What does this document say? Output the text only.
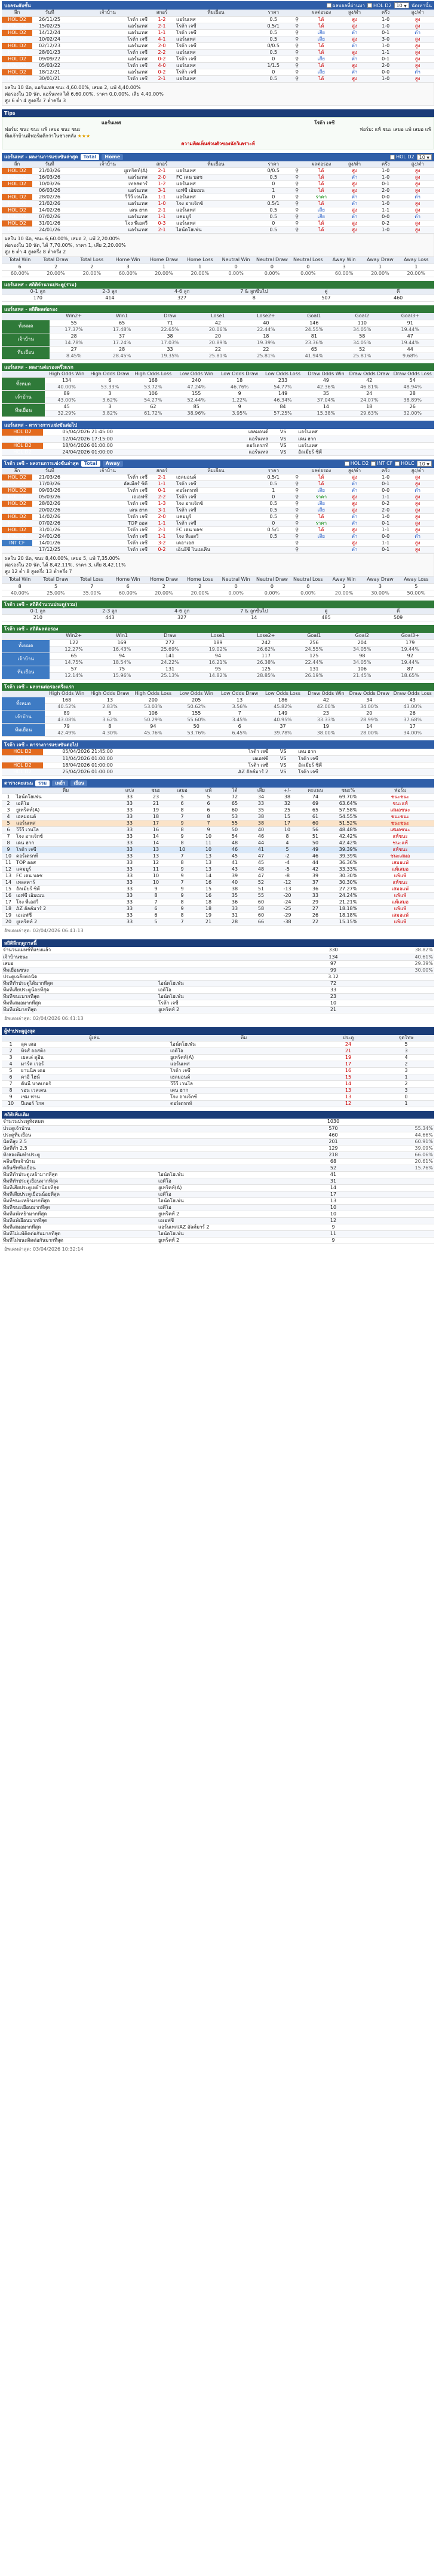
บอลระดับชั้น	ผลบอลที่ผ่านมา	HOL D2	10 ▼	นัดเท่านั้น
ลีก	วันที่	เจ้าบ้าน	สกอร์	ทีมเยือน	ราคา		ผลต่อรอง	สูง/ต่ำ	ครึ่ง	สูง/ต่ำ
HOL D2	26/11/25	โรด้า เจซี	1-2	แอร์นเทส	0.5	⚲	ได้	สูง	1-0	สูง
HOL D2	15/02/25	แอร์นเทส	2-1	โรด้า เจซี	0.5/1	⚲	ได้	สูง	1-0	สูง
HOL D2	14/12/24	แอร์นเทส	1-1	โรด้า เจซี	0.5	⚲	เสีย	ต่ำ	0-1	ต่ำ
HOL D2	10/02/24	โรด้า เจซี	4-1	แอร์นเทส	0.5	⚲	เสีย	สูง	3-0	สูง
HOL D2	02/12/23	แอร์นเทส	2-0	โรด้า เจซี	0/0.5	⚲	ได้	ต่ำ	1-0	สูง
HOL D2	28/01/23	โรด้า เจซี	2-2	แอร์นเทส	0.5	⚲	ได้	สูง	1-1	สูง
HOL D2	09/09/22	แอร์นเทส	0-2	โรด้า เจซี	0	⚲	เสีย	ต่ำ	0-1	สูง
HOL D2	05/03/22	โรด้า เจซี	4-0	แอร์นเทส	1/1.5	⚲	ได้	สูง	2-0	สูง
HOL D2	18/12/21	แอร์นเทส	0-2	โรด้า เจซี	0	⚲	เสีย	ต่ำ	0-0	ต่ำ
HOL D2	30/01/21	โรด้า เจซี	2-1	แอร์นเทส	0.5	⚲	ได้	สูง	1-0	สูง
ผลใน 10 นัด, แอร์นเทส ชนะ 4,60.00%, เสมอ 2, แพ้ 4,40.00%
ต่อรองใน 10 นัด, แอร์นเทส ได้ 6,60.00%, ราคา 0,0.00%, เสีย 4,40.00%
สูง 6 ต่ำ 4 สูงครึ่ง 7 ต่ำครึ่ง 3
Tips
แอร์นเทส	โรด้า เจซี
ฟอร์ม: ชนะ ชนะ แพ้ เสมอ ชนะ ชนะ	ฟอร์ม: แพ้ ชนะ เสมอ แพ้ เสมอ แพ้
ทีมเจ้าบ้านมีฟอร์มดีกว่าในช่วงหลัง ★★★
ความคิดเห็นส่วนตัวของนักวิเคราะห์
แอร์นเทส - ผลงานการแข่งขันล่าสุด	Total	Home	HOL D2	10 ▼
ลีก	วันที่	เจ้าบ้าน	สกอร์	ทีมเยือน	ราคา		ผลต่อรอง	สูง/ต่ำ	ครึ่ง	สูง/ต่ำ
HOL D2	21/03/26	ยูเทร็คท์(A)	2-1	แอร์นเทส	0/0.5	⚲	ได้	สูง	1-0	สูง
HOL D2	16/03/26	แอร์นเทส	2-0	FC เดน บอช	0.5	⚲	ได้	ต่ำ	1-0	สูง
HOL D2	10/03/26	เทลสตาร์	1-2	แอร์นเทส	0	⚲	ได้	สูง	0-1	สูง
HOL D2	06/03/26	แอร์นเทส	3-1	เอฟซี เอ็มเมน	1	⚲	ได้	สูง	2-0	สูง
HOL D2	28/02/26	วีวีวี เวนโล	1-1	แอร์นเทส	0	⚲	ราคา	ต่ำ	0-0	ต่ำ
HOL D2	21/02/26	แอร์นเทส	1-0	โจง อาแจ็กซ์	0.5/1	⚲	ได้	ต่ำ	1-0	สูง
HOL D2	14/02/26	เดน ฮาก	2-1	แอร์นเทส	0.5	⚲	เสีย	สูง	1-1	สูง
HOL D2	07/02/26	แอร์นเทส	1-1	แคมบูร์	0.5	⚲	เสีย	ต่ำ	0-0	ต่ำ
HOL D2	31/01/26	โจง พีเอสวี	0-3	แอร์นเทส	0	⚲	ได้	สูง	0-2	สูง
HOL D2	24/01/26	แอร์นเทส	2-1	ไอน์ดโฮเฟ่น	0.5	⚲	ได้	สูง	1-0	สูง
ผลใน 10 นัด, ชนะ 6,60.00%, เสมอ 2, แพ้ 2,20.00%
ต่อรองใน 10 นัด, ได้ 7,70.00%, ราคา 1, เสีย 2,20.00%
สูง 6 ต่ำ 4 สูงครึ่ง 8 ต่ำครึ่ง 2
Total Win	Total Draw	Total Loss	Home Win	Home Draw	Home Loss	Neutral Win	Neutral Draw	Neutral Loss	Away Win	Away Draw	Away Loss
6	2	2	3	1	1	0	0	0	3	1	1
60.00%	20.00%	20.00%	60.00%	20.00%	20.00%	0.00%	0.00%	0.00%	60.00%	20.00%	20.00%
แอร์นเทส - สถิติจำนวนประตู(รวม)
0-1 ลูก	2-3 ลูก	4-6 ลูก	7 & ลูกขึ้นไป	คู่	คี่
170	414	327	8	507	460
แอร์นเทส - สถิติผลต่อรอง
	Win2+	Win1	Draw	Lose1	Lose2+	Goal1	Goal2	Goal3+
ทั้งหมด	55	65	71	42	40	146	110	91
	17.37%	17.48%	22.65%	20.06%	22.44%	24.55%	34.05%	19.44%
เจ้าบ้าน	28	37	38	20	18	81	58	47
	14.78%	17.24%	17.03%	20.89%	19.39%	23.36%	34.05%	19.44%
ทีมเยือน	27	28	33	22	22	65	52	44
	8.45%	28.45%	19.35%	25.81%	25.81%	41.94%	25.81%	9.68%
แอร์นเทส - ผลงานต่อรองครึ่งแรก
	High Odds Win	High Odds Draw	High Odds Loss	Low Odds Win	Low Odds Draw	Low Odds Loss	Draw Odds Win	Draw Odds Draw	Draw Odds Loss
ทั้งหมด	134	6	168	240	18	233	49	42	54
	40.00%	53.33%	53.72%	47.24%	46.76%	54.77%	42.36%	46.81%	48.94%
เจ้าบ้าน	89	3	106	155	9	149	35	24	28
	43.00%	3.62%	54.27%	52.44%	1.22%	46.34%	37.04%	24.07%	38.89%
ทีมเยือน	45	3	62	85	9	84	14	18	26
	32.29%	3.82%	61.72%	38.96%	3.95%	57.25%	15.38%	29.63%	32.00%
แอร์นเทส - ตารางการแข่งขันต่อไป
HOL D2	05/04/2026 21:45:00	เฮลมอนด์	VS	แอร์นเทส
HOL D2	12/04/2026 17:15:00	แอร์นเทส	VS	เดน ฮาก
HOL D2	18/04/2026 01:00:00	ดอร์เดรกท์	VS	แอร์นเทส
HOL D2	24/04/2026 01:00:00	แอร์นเทส	VS	อัลเมียร์ ซิตี้
โรด้า เจซี - ผลงานการแข่งขันล่าสุด	Total	Away	HOL D2	INT CF	HOLC	10 ▼
ลีก	วันที่	เจ้าบ้าน	สกอร์	ทีมเยือน	ราคา		ผลต่อรอง	สูง/ต่ำ	ครึ่ง	สูง/ต่ำ
HOL D2	21/03/26	โรด้า เจซี	2-1	เฮลมอนด์	0.5/1	⚲	ได้	สูง	1-0	สูง
HOL D2	17/03/26	อัลเมียร์ ซิตี้	1-1	โรด้า เจซี	0.5	⚲	ได้	ต่ำ	0-1	สูง
HOL D2	09/03/26	โรด้า เจซี	0-1	ดอร์เดรกท์	1	⚲	เสีย	ต่ำ	0-0	ต่ำ
HOL D2	05/03/26	เอเอฟซี	2-2	โรด้า เจซี	0	⚲	ราคา	สูง	1-1	สูง
HOL D2	28/02/26	โรด้า เจซี	1-3	โจง อาแจ็กซ์	0.5	⚲	เสีย	สูง	0-2	สูง
HOL D2	20/02/26	เดน ฮาก	3-1	โรด้า เจซี	0.5	⚲	เสีย	สูง	2-0	สูง
HOL D2	14/02/26	โรด้า เจซี	2-0	แคมบูร์	0.5	⚲	ได้	ต่ำ	1-0	สูง
HOL D2	07/02/26	TOP ออส	1-1	โรด้า เจซี	0	⚲	ราคา	ต่ำ	0-1	สูง
HOL D2	31/01/26	โรด้า เจซี	2-1	FC เดน บอช	0.5/1	⚲	ได้	สูง	1-1	สูง
HOL D2	24/01/26	โรด้า เจซี	1-1	โจง พีเอสวี	0.5	⚲	เสีย	ต่ำ	0-0	ต่ำ
INT CF	14/01/26	โรด้า เจซี	3-2	เคอาเอส		⚲		สูง	1-1	สูง
HOLC	17/12/25	โรด้า เจซี	0-2	เอ็นอีซี ไนเมเคิน		⚲		ต่ำ	0-1	สูง
ผลใน 20 นัด, ชนะ 8,40.00%, เสมอ 5, แพ้ 7,35.00%
ต่อรองใน 20 นัด, ได้ 8,42.11%, ราคา 3, เสีย 8,42.11%
สูง 12 ต่ำ 8 สูงครึ่ง 13 ต่ำครึ่ง 7
Total Win	Total Draw	Total Loss	Home Win	Home Draw	Home Loss	Neutral Win	Neutral Draw	Neutral Loss	Away Win	Away Draw	Away Loss
8	5	7	6	2	2	0	0	0	2	3	5
40.00%	25.00%	35.00%	60.00%	20.00%	20.00%	0.00%	0.00%	0.00%	20.00%	30.00%	50.00%
โรด้า เจซี - สถิติจำนวนประตู(รวม)
0-1 ลูก	2-3 ลูก	4-6 ลูก	7 & ลูกขึ้นไป	คู่	คี่
210	443	327	14	485	509
โรด้า เจซี - สถิติผลต่อรอง
	Win2+	Win1	Draw	Lose1	Lose2+	Goal1	Goal2	Goal3+
ทั้งหมด	122	169	272	189	242	256	204	179
	12.27%	16.43%	25.69%	19.02%	26.62%	24.55%	34.05%	19.44%
เจ้าบ้าน	65	94	141	94	117	125	98	92
	14.75%	18.54%	24.22%	16.21%	26.38%	22.44%	34.05%	19.44%
ทีมเยือน	57	75	131	95	125	131	106	87
	12.14%	15.96%	25.13%	14.82%	28.85%	26.19%	21.45%	18.65%
โรด้า เจซี - ผลงานต่อรองครึ่งแรก
	High Odds Win	High Odds Draw	High Odds Loss	Low Odds Win	Low Odds Draw	Low Odds Loss	Draw Odds Win	Draw Odds Draw	Draw Odds Loss
ทั้งหมด	168	13	200	205	13	186	42	34	43
	40.52%	2.83%	53.03%	50.62%	3.56%	45.82%	42.00%	34.00%	43.00%
เจ้าบ้าน	89	5	106	155	7	149	23	20	26
	43.08%	3.62%	50.29%	55.60%	3.45%	40.95%	33.33%	28.99%	37.68%
ทีมเยือน	79	8	94	50	6	37	19	14	17
	42.49%	4.30%	45.76%	53.76%	6.45%	39.78%	38.00%	28.00%	34.00%
โรด้า เจซี - ตารางการแข่งขันต่อไป
HOL D2	05/04/2026 21:45:00	โรด้า เจซี	VS	เดน ฮาก
HOL D2	11/04/2026 01:00:00	เอเอฟซี	VS	โรด้า เจซี
HOL D2	18/04/2026 01:00:00	โรด้า เจซี	VS	อัลเมียร์ ซิตี้
HOL D2	25/04/2026 01:00:00	AZ อัลค์มาร์ 2	VS	โรด้า เจซี
ตารางคะแนน	รวม	เหย้า	เยือน
	ทีม	แข่ง	ชนะ	เสมอ	แพ้	ได้	เสีย	+/-	คะแนน	ชนะ%	ฟอร์ม
1	ไอน์ดโฮเฟ่น	33	23	5	5	72	34	38	74	69.70%	ชนะชนะ
2	เอดีโอ	33	21	6	6	65	33	32	69	63.64%	ชนะแพ้
3	ยูเทร็คท์(A)	33	19	8	6	60	35	25	65	57.58%	เสมอชนะ
4	เฮลมอนด์	33	18	7	8	53	38	15	61	54.55%	ชนะชนะ
5	แอร์นเทส	33	17	9	7	55	38	17	60	51.52%	ชนะชนะ
6	วีวีวี เวนโล	33	16	8	9	50	40	10	56	48.48%	เสมอชนะ
7	โจง อาแจ็กซ์	33	14	9	10	54	46	8	51	42.42%	แพ้ชนะ
8	เดน ฮาก	33	14	8	11	48	44	4	50	42.42%	ชนะแพ้
9	โรด้า เจซี	33	13	10	10	46	41	5	49	39.39%	แพ้ชนะ
10	ดอร์เดรกท์	33	13	7	13	45	47	-2	46	39.39%	ชนะเสมอ
11	TOP ออส	33	12	8	13	41	45	-4	44	36.36%	เสมอแพ้
12	แคมบูร์	33	11	9	13	43	48	-5	42	33.33%	แพ้เสมอ
13	FC เดน บอช	33	10	9	14	39	47	-8	39	30.30%	แพ้แพ้
14	เทลสตาร์	33	10	7	16	40	52	-12	37	30.30%	แพ้ชนะ
15	อัลเมียร์ ซิตี้	33	9	9	15	38	51	-13	36	27.27%	เสมอแพ้
16	เอฟซี เอ็มเมน	33	8	9	16	35	55	-20	33	24.24%	แพ้แพ้
17	โจง พีเอสวี	33	7	8	18	36	60	-24	29	21.21%	แพ้เสมอ
18	AZ อัลค์มาร์ 2	33	6	9	18	33	58	-25	27	18.18%	แพ้แพ้
19	เอเอฟซี	33	6	8	19	31	60	-29	26	18.18%	เสมอแพ้
20	ยูเทร็คท์ 2	33	5	7	21	28	66	-38	22	15.15%	แพ้แพ้
อัพเดทล่าสุด: 02/04/2026 06:41:13
สถิติลีกฤดูกาลนี้
จำนวนแมทช์ที่แข่งแล้ว		330	38.82%
เจ้าบ้านชนะ		134	40.61%
เสมอ		97	29.39%
ทีมเยือนชนะ		99	30.00%
ประตูเฉลี่ยต่อนัด		3.12	
ทีมที่ทำประตูได้มากที่สุด	ไอน์ดโฮเฟ่น	72	
ทีมที่เสียประตูน้อยที่สุด	เอดีโอ	33	
ทีมที่ชนะมากที่สุด	ไอน์ดโฮเฟ่น	23	
ทีมที่เสมอมากที่สุด	โรด้า เจซี	10	
ทีมที่แพ้มากที่สุด	ยูเทร็คท์ 2	21	
อัพเดทล่าสุด: 02/04/2026 06:41:13
ผู้ทำประตูสูงสุด
	ผู้เล่น	ทีม	ประตู	จุดโทษ
1	ลุค เดอ	ไอน์ดโฮเฟ่น	24	5
2	ทิจส์ ออสติง	เอดีโอ	21	3
3	เยลเล่ ดูอิน	ยูเทร็คท์(A)	19	4
4	มาร์ค เวอร์	แอร์นเทส	17	2
5	ยานนิค เดอ	โรด้า เจซี	16	3
6	คาอี ไฮน์	เฮลมอนด์	15	1
7	ดันนี่ บาคเกอร์	วีวีวี เวนโล	14	2
8	รอน เวลเดน	เดน ฮาก	13	3
9	เซม ฟาน	โจง อาแจ็กซ์	13	0
10	ปีเตอร์ โกส	ดอร์เดรกท์	12	1
สถิติเพิ่มเติม
จำนวนประตูทั้งหมด		1030	
ประตูเจ้าบ้าน		570	55.34%
ประตูทีมเยือน		460	44.66%
นัดที่สูง 2.5		201	60.91%
นัดที่ต่ำ 2.5		129	39.09%
ทั้งสองทีมทำประตู		218	66.06%
คลีนชีทเจ้าบ้าน		68	20.61%
คลีนชีททีมเยือน		52	15.76%
ทีมที่ทำประตูเหย้ามากที่สุด	ไอน์ดโฮเฟ่น	41	
ทีมที่ทำประตูเยือนมากที่สุด	เอดีโอ	31	
ทีมที่เสียประตูเหย้าน้อยที่สุด	ยูเทร็คท์(A)	14	
ทีมที่เสียประตูเยือนน้อยที่สุด	เอดีโอ	17	
ทีมที่ชนะเหย้ามากที่สุด	ไอน์ดโฮเฟ่น	13	
ทีมที่ชนะเยือนมากที่สุด	เอดีโอ	10	
ทีมที่แพ้เหย้ามากที่สุด	ยูเทร็คท์ 2	10	
ทีมที่แพ้เยือนมากที่สุด	เอเอฟซี	12	
ทีมที่เสมอมากที่สุด	แอร์นเทส/AZ อัลค์มาร์ 2	9	
ทีมที่ไม่แพ้ติดต่อกันมากที่สุด	ไอน์ดโฮเฟ่น	11	
ทีมที่ไม่ชนะติดต่อกันมากที่สุด	ยูเทร็คท์ 2	9	
อัพเดทล่าสุด: 03/04/2026 10:32:14
